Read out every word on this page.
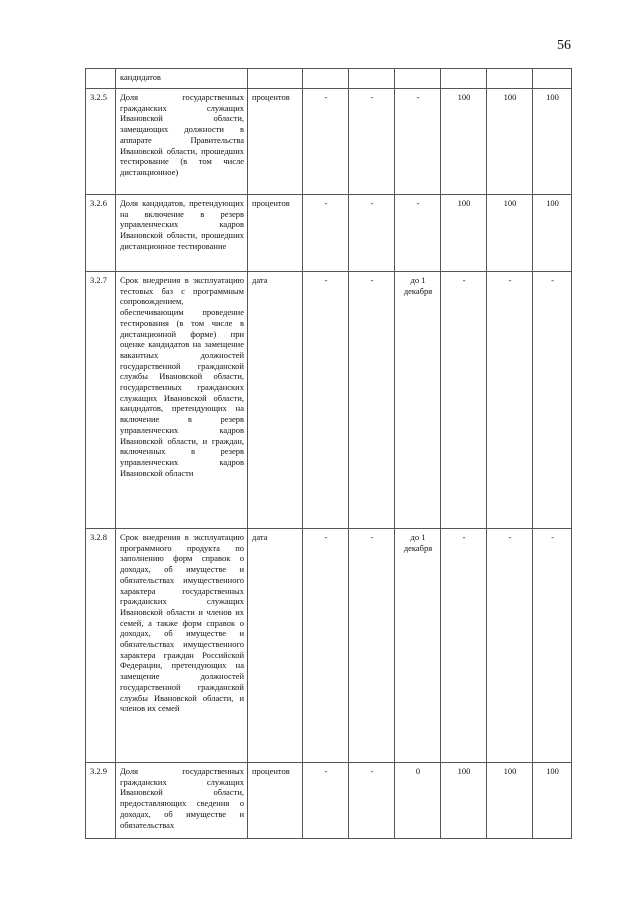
56
	кандидатов							
3.2.5	Доля государственных гражданских служащих Ивановской области, замещающих должности в аппарате Правительства Ивановской области, прошедших тестирование (в том числе дистанционное)	процентов	-	-	-	100	100	100
3.2.6	Доля кандидатов, претендующих на включение в резерв управленческих кадров Ивановской области, прошедших дистанционное тестирование	процентов	-	-	-	100	100	100
3.2.7	Срок внедрения в эксплуатацию тестовых баз с программным сопровождением, обеспечивающим проведение тестирования (в том числе в дистанционной форме) при оценке кандидатов на замещение вакантных должностей государственной гражданской службы Ивановской области, государственных гражданских служащих Ивановской области, кандидатов, претендующих на включение в резерв управленческих кадров Ивановской области, и граждан, включенных в резерв управленческих кадров Ивановской области	дата	-	-	до 1 декабря	-	-	-
3.2.8	Срок внедрения в эксплуатацию программного продукта по заполнению форм справок о доходах, об имуществе и обязательствах имущественного характера государственных гражданских служащих Ивановской области и членов их семей, а также форм справок о доходах, об имуществе и обязательствах имущественного характера граждан Российской Федерации, претендующих на замещение должностей государственной гражданской службы Ивановской области, и членов их семей	дата	-	-	до 1 декабря	-	-	-
3.2.9	Доля государственных гражданских служащих Ивановской области, предоставляющих сведения о доходах, об имуществе и обязательствах	процентов	-	-	0	100	100	100
